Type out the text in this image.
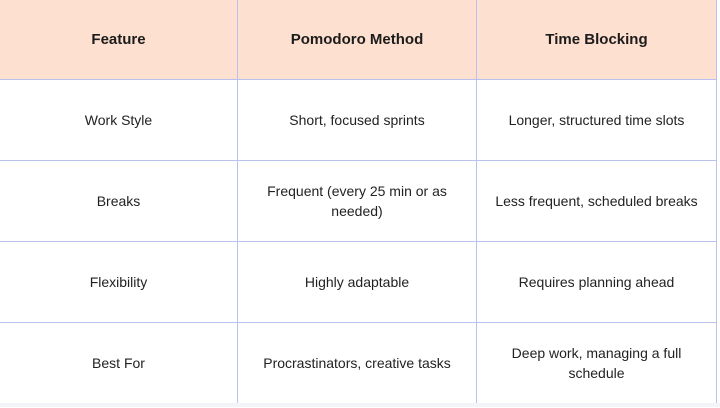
Feature	Pomodoro Method	Time Blocking
Work Style	Short, focused sprints	Longer, structured time slots
Breaks	Frequent (every 25 min or as needed)	Less frequent, scheduled breaks
Flexibility	Highly adaptable	Requires planning ahead
Best For	Procrastinators, creative tasks	Deep work, managing a full schedule
